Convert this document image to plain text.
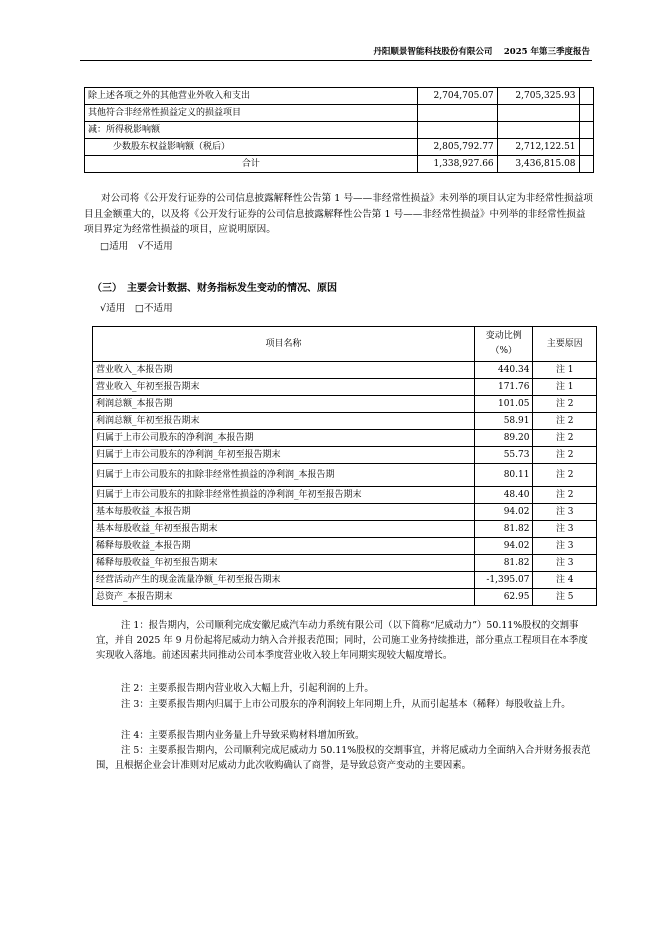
丹阳顺景智能科技股份有限公司　 2025 年第三季度报告
除上述各项之外的其他营业外收入和支出	2,704,705.07	2,705,325.93	
其他符合非经常性损益定义的损益项目			
减：所得税影响额			
少数股东权益影响额（税后）	2,805,792.77	2,712,122.51	
合计	1,338,927.66	3,436,815.08	
对公司将《公开发行证券的公司信息披露解释性公告第 1 号——非经常性损益》未列举的项目认定为非经常性损益项目且金额重大的，以及将《公开发行证券的公司信息披露解释性公告第 1 号——非经常性损益》中列举的非经常性损益项目界定为经常性损益的项目，应说明原因。
□适用　√不适用
（三）　主要会计数据、财务指标发生变动的情况、原因
√适用　□不适用
项目名称	变动比例（%）	主要原因
营业收入_本报告期	440.34	注 1
营业收入_年初至报告期末	171.76	注 1
利润总额_本报告期	101.05	注 2
利润总额_年初至报告期末	58.91	注 2
归属于上市公司股东的净利润_本报告期	89.20	注 2
归属于上市公司股东的净利润_年初至报告期末	55.73	注 2
归属于上市公司股东的扣除非经常性损益的净利润_本报告期	80.11	注 2
归属于上市公司股东的扣除非经常性损益的净利润_年初至报告期末	48.40	注 2
基本每股收益_本报告期	94.02	注 3
基本每股收益_年初至报告期末	81.82	注 3
稀释每股收益_本报告期	94.02	注 3
稀释每股收益_年初至报告期末	81.82	注 3
经营活动产生的现金流量净额_年初至报告期末	-1,395.07	注 4
总资产_本报告期末	62.95	注 5
注 1：报告期内，公司顺利完成安徽尼威汽车动力系统有限公司（以下简称“尼威动力”）50.11%股权的交割事宜，并自 2025 年 9 月份起将尼威动力纳入合并报表范围；同时，公司施工业务持续推进，部分重点工程项目在本季度实现收入落地。前述因素共同推动公司本季度营业收入较上年同期实现较大幅度增长。
注 2：主要系报告期内营业收入大幅上升，引起利润的上升。
注 3：主要系报告期内归属于上市公司股东的净利润较上年同期上升，从而引起基本（稀释）每股收益上升。
注 4：主要系报告期内业务量上升导致采购材料增加所致。
注 5：主要系报告期内，公司顺利完成尼威动力 50.11%股权的交割事宜，并将尼威动力全面纳入合并财务报表范围，且根据企业会计准则对尼威动力此次收购确认了商誉，是导致总资产变动的主要因素。
